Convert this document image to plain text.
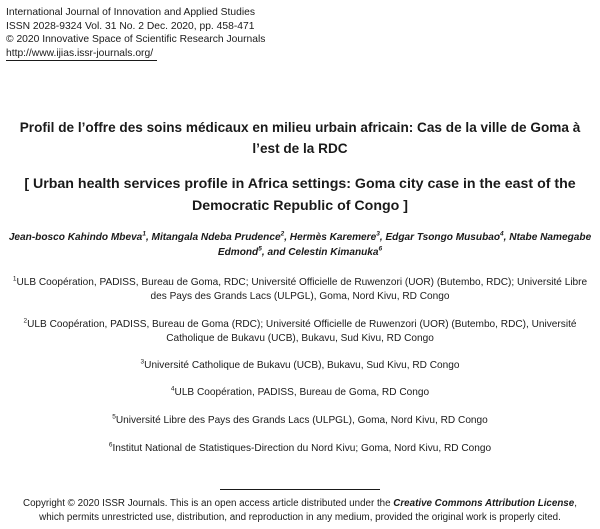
International Journal of Innovation and Applied Studies
ISSN 2028-9324 Vol. 31 No. 2 Dec. 2020, pp. 458-471
© 2020 Innovative Space of Scientific Research Journals
http://www.ijias.issr-journals.org/
Profil de l’offre des soins médicaux en milieu urbain africain: Cas de la ville de Goma à
l’est de la RDC
[ Urban health services profile in Africa settings: Goma city case in the east of the
Democratic Republic of Congo ]
Jean-bosco Kahindo Mbeva$^1$, Mitangala Ndeba Prudence$^2$, Hermès Karemere$^3$, Edgar Tsongo Musubao$^4$, Ntabe Namegabe
Edmond$^5$, and Celestin Kimanuka$^6$
$^1$ULB Coopération, PADISS, Bureau de Goma, RDC; Université Officielle de Ruwenzori (UOR) (Butembo, RDC); Université Libre
des Pays des Grands Lacs (ULPGL), Goma, Nord Kivu, RD Congo
$^2$ULB Coopération, PADISS, Bureau de Goma (RDC); Université Officielle de Ruwenzori (UOR) (Butembo, RDC), Université
Catholique de Bukavu (UCB), Bukavu, Sud Kivu, RD Congo
$^3$Université Catholique de Bukavu (UCB), Bukavu, Sud Kivu, RD Congo
$^4$ULB Coopération, PADISS, Bureau de Goma, RD Congo
$^5$Université Libre des Pays des Grands Lacs (ULPGL), Goma, Nord Kivu, RD Congo
$^6$Institut National de Statistiques-Direction du Nord Kivu; Goma, Nord Kivu, RD Congo
Copyright © 2020 ISSR Journals. This is an open access article distributed under the Creative Commons Attribution License,
which permits unrestricted use, distribution, and reproduction in any medium, provided the original work is properly cited.
